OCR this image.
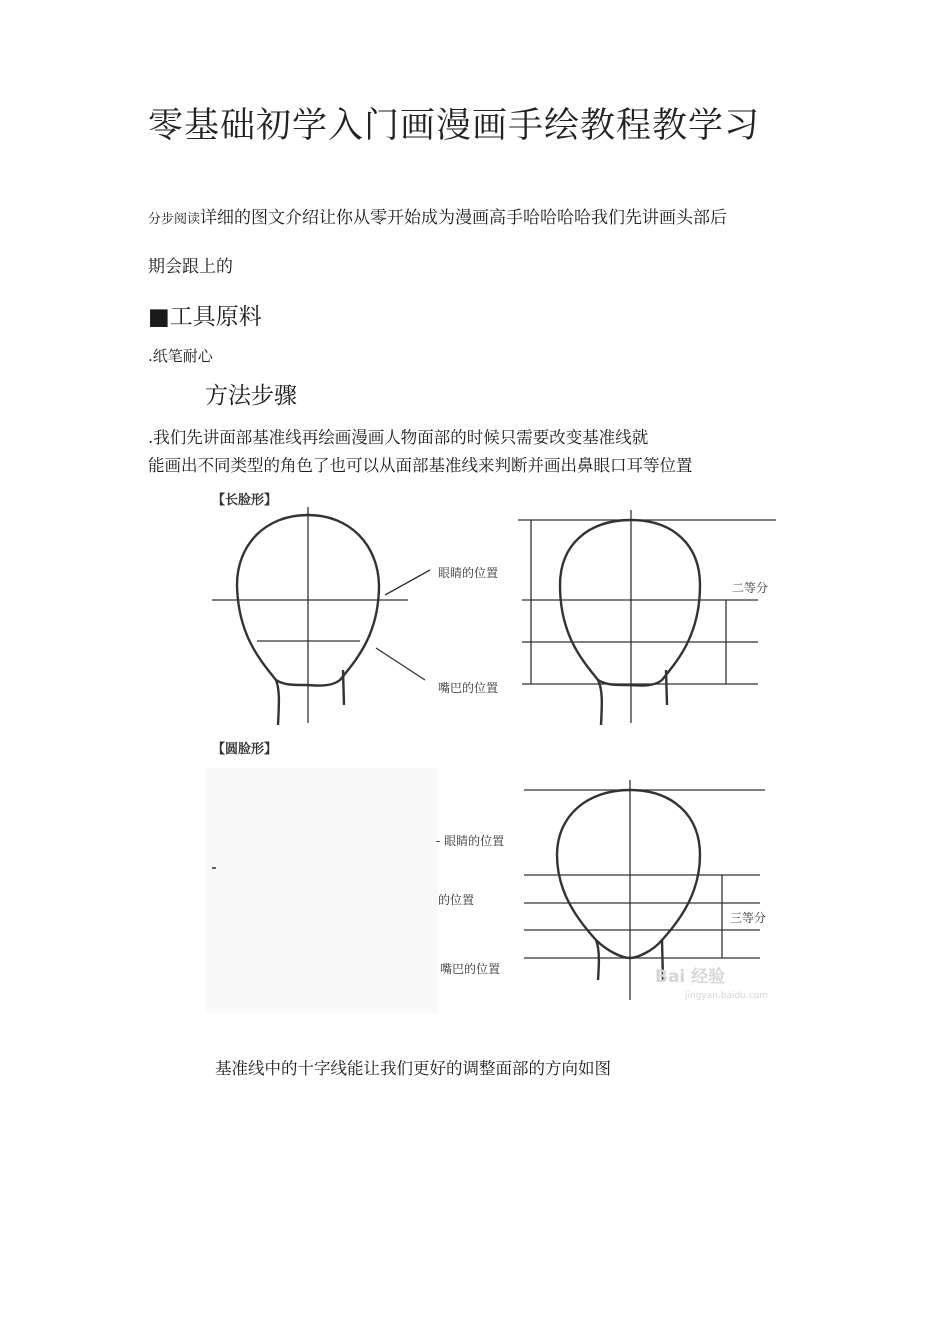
零基础初学入门画漫画手绘教程教学习
分步阅读详细的图文介绍让你从零开始成为漫画高手哈哈哈哈我们先讲画头部后
期会跟上的
■工具原料
.纸笔耐心
方法步骤
.我们先讲面部基准线再绘画漫画人物面部的时候只需要改变基准线就
能画出不同类型的角色了也可以从面部基准线来判断并画出鼻眼口耳等位置
【长脸形】
眼睛的位置
嘴巴的位置
二等分
【圆脸形】
- 眼睛的位置
的位置
嘴巴的位置
三等分
Bai 经验
jingyan.baidu.com
基准线中的十字线能让我们更好的调整面部的方向如图
